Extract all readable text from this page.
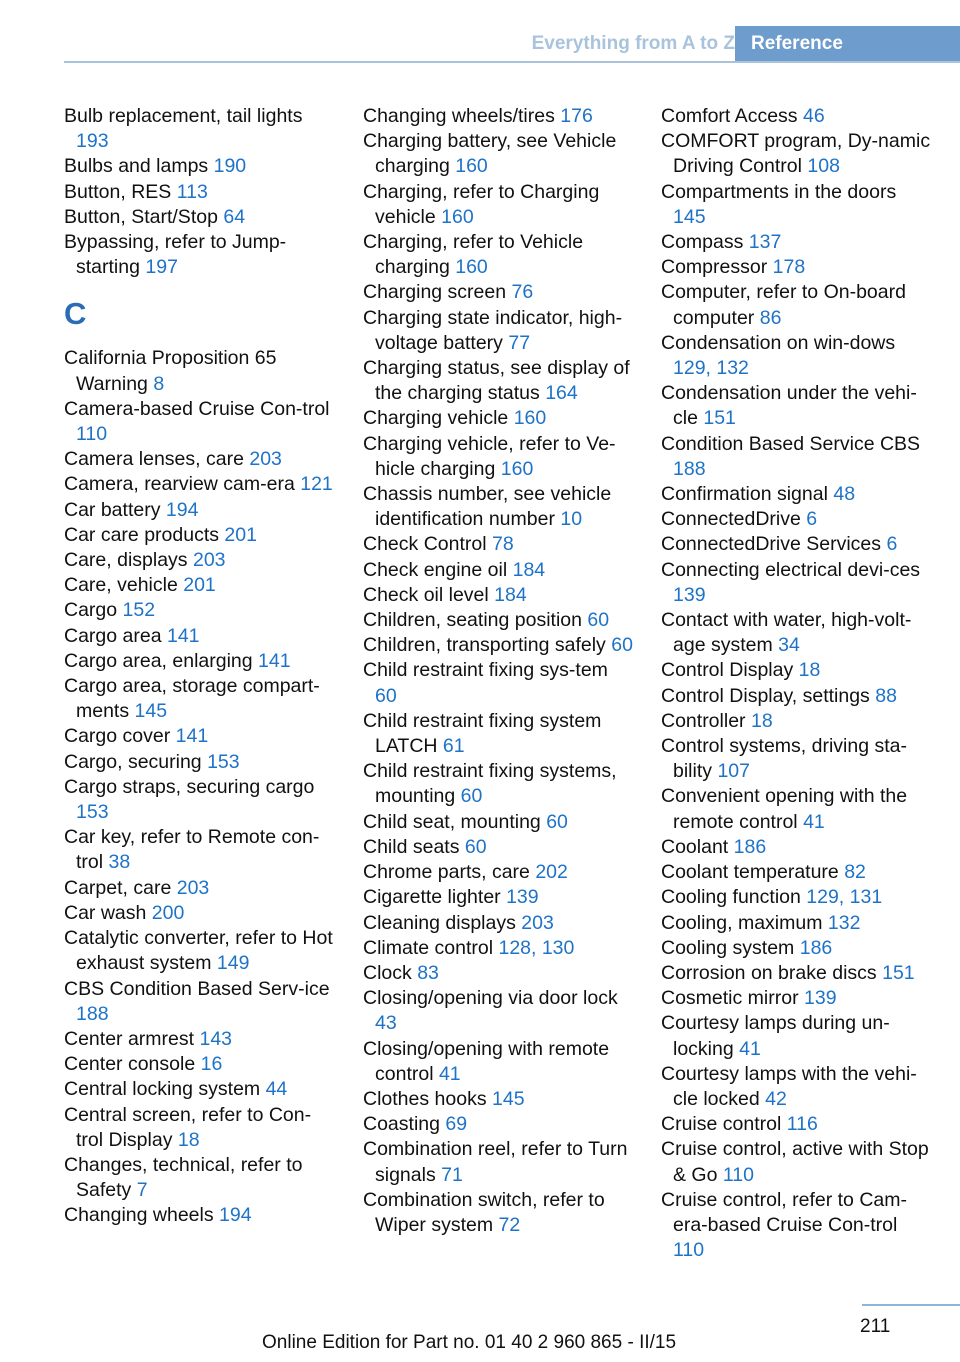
Everything from A to Z Reference
Bulb replacement, tail lights 193
Bulbs and lamps 190
Button, RES 113
Button, Start/Stop 64
Bypassing, refer to Jump-starting 197
C
California Proposition 65 Warning 8
Camera-based Cruise Con-trol 110
Camera lenses, care 203
Camera, rearview cam-era 121
Car battery 194
Car care products 201
Care, displays 203
Care, vehicle 201
Cargo 152
Cargo area 141
Cargo area, enlarging 141
Cargo area, storage compart-ments 145
Cargo cover 141
Cargo, securing 153
Cargo straps, securing cargo 153
Car key, refer to Remote con-trol 38
Carpet, care 203
Car wash 200
Catalytic converter, refer to Hot exhaust system 149
CBS Condition Based Serv-ice 188
Center armrest 143
Center console 16
Central locking system 44
Central screen, refer to Con-trol Display 18
Changes, technical, refer to Safety 7
Changing wheels 194
Changing wheels/tires 176
Charging battery, see Vehicle charging 160
Charging, refer to Charging vehicle 160
Charging, refer to Vehicle charging 160
Charging screen 76
Charging state indicator, high-voltage battery 77
Charging status, see display of the charging status 164
Charging vehicle 160
Charging vehicle, refer to Ve-hicle charging 160
Chassis number, see vehicle identification number 10
Check Control 78
Check engine oil 184
Check oil level 184
Children, seating position 60
Children, transporting safely 60
Child restraint fixing sys-tem 60
Child restraint fixing system LATCH 61
Child restraint fixing systems, mounting 60
Child seat, mounting 60
Child seats 60
Chrome parts, care 202
Cigarette lighter 139
Cleaning displays 203
Climate control 128, 130
Clock 83
Closing/opening via door lock 43
Closing/opening with remote control 41
Clothes hooks 145
Coasting 69
Combination reel, refer to Turn signals 71
Combination switch, refer to Wiper system 72
Comfort Access 46
COMFORT program, Dy-namic Driving Control 108
Compartments in the doors 145
Compass 137
Compressor 178
Computer, refer to On-board computer 86
Condensation on win-dows 129, 132
Condensation under the vehi-cle 151
Condition Based Service CBS 188
Confirmation signal 48
ConnectedDrive 6
ConnectedDrive Services 6
Connecting electrical devi-ces 139
Contact with water, high-volt-age system 34
Control Display 18
Control Display, settings 88
Controller 18
Control systems, driving sta-bility 107
Convenient opening with the remote control 41
Coolant 186
Coolant temperature 82
Cooling function 129, 131
Cooling, maximum 132
Cooling system 186
Corrosion on brake discs 151
Cosmetic mirror 139
Courtesy lamps during un-locking 41
Courtesy lamps with the vehi-cle locked 42
Cruise control 116
Cruise control, active with Stop & Go 110
Cruise control, refer to Cam-era-based Cruise Con-trol 110
211
Online Edition for Part no. 01 40 2 960 865 - II/15
